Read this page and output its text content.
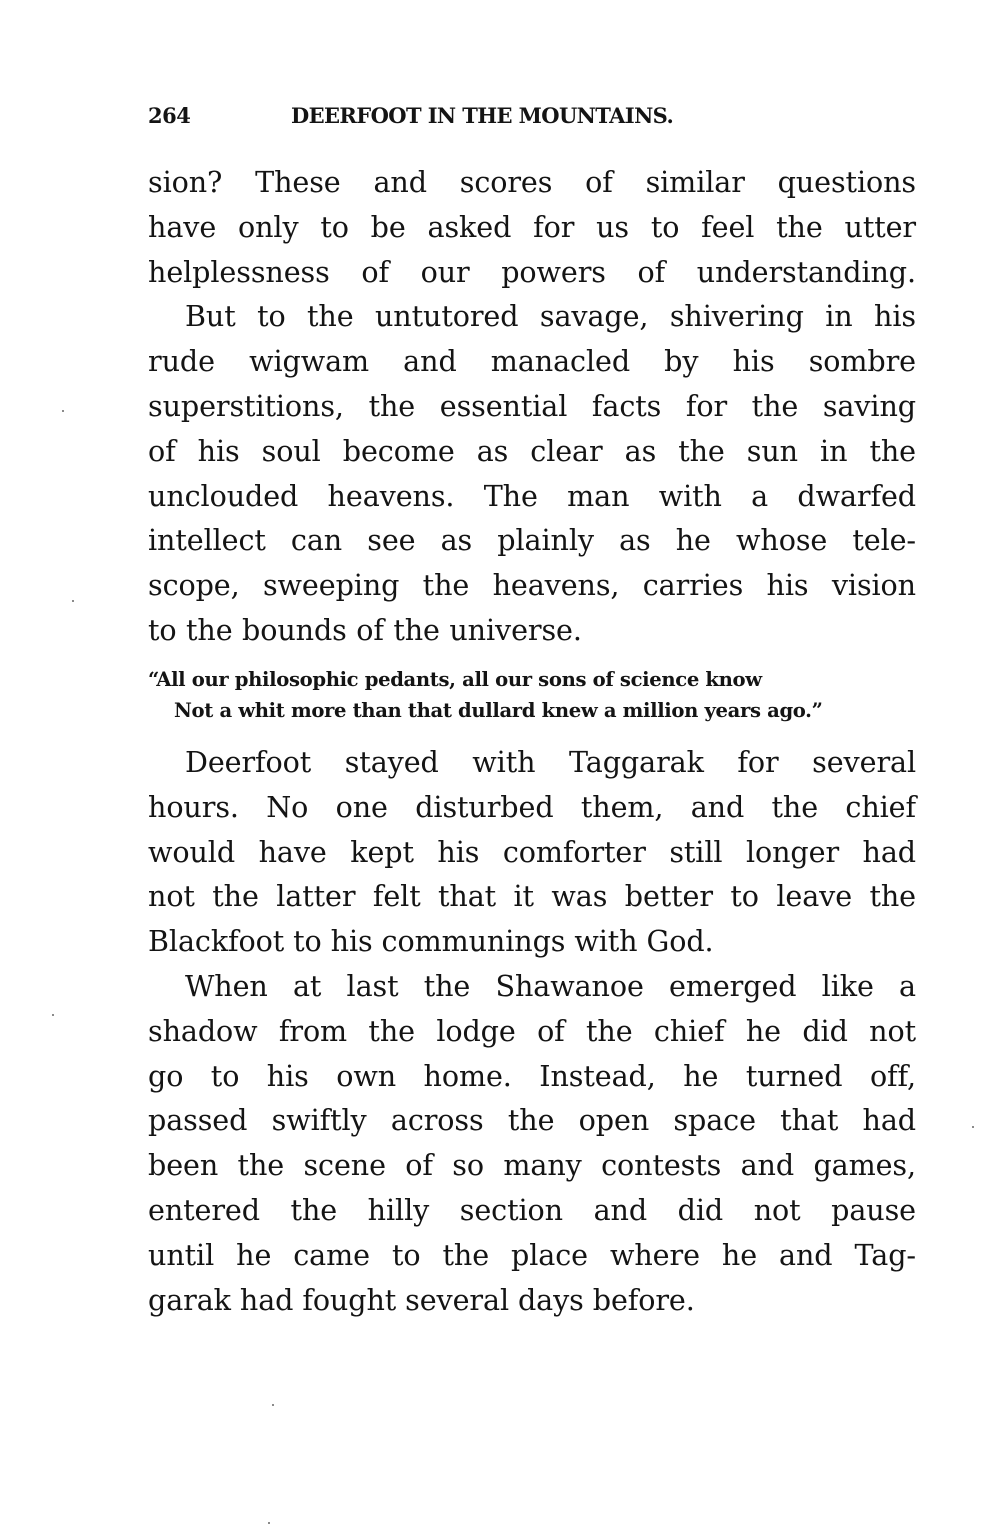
264	DEERFOOT IN THE MOUNTAINS.
sion? These and scores of similar questions
have only to be asked for us to feel the utter
helplessness of our powers of understanding.
But to the untutored savage, shivering in his
rude wigwam and manacled by his sombre
superstitions, the essential facts for the saving
of his soul become as clear as the sun in the
unclouded heavens. The man with a dwarfed
intellect can see as plainly as he whose tele-
scope, sweeping the heavens, carries his vision
to the bounds of the universe.
“All our philosophic pedants, all our sons of science know
Not a whit more than that dullard knew a million years ago.”
Deerfoot stayed with Taggarak for several
hours. No one disturbed them, and the chief
would have kept his comforter still longer had
not the latter felt that it was better to leave the
Blackfoot to his communings with God.
When at last the Shawanoe emerged like a
shadow from the lodge of the chief he did not
go to his own home. Instead, he turned off,
passed swiftly across the open space that had
been the scene of so many contests and games,
entered the hilly section and did not pause
until he came to the place where he and Tag-
garak had fought several days before.
